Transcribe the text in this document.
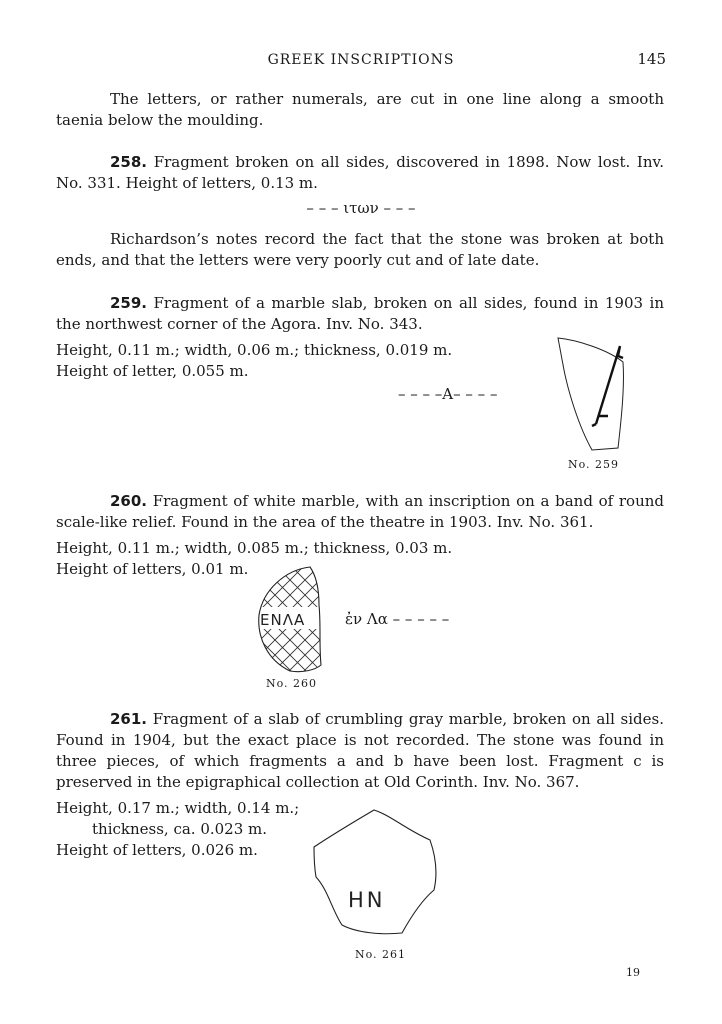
GREEK INSCRIPTIONS	145
The letters, or rather numerals, are cut in one line along a smooth taenia below the moulding.
258. Fragment broken on all sides, discovered in 1898. Now lost. Inv. No. 331. Height of letters, 0.13 m.
– – – ιτων – – –
Richardson’s notes record the fact that the stone was broken at both ends, and that the letters were very poorly cut and of late date.
259. Fragment of a marble slab, broken on all sides, found in 1903 in the northwest corner of the Agora. Inv. No. 343.
Height, 0.11 m.; width, 0.06 m.; thickness, 0.019 m.
Height of letter, 0.055 m.
– – – –A– – – –
No. 259
260. Fragment of white marble, with an inscription on a band of round scale-like relief. Found in the area of the theatre in 1903. Inv. No. 361.
Height, 0.11 m.; width, 0.085 m.; thickness, 0.03 m.
Height of letters, 0.01 m.
ΕΝΛΑ	ἐν Λα – – – – –
No. 260
261. Fragment of a slab of crumbling gray marble, broken on all sides. Found in 1904, but the exact place is not recorded. The stone was found in three pieces, of which fragments a and b have been lost. Fragment c is preserved in the epigraphical collection at Old Corinth. Inv. No. 367.
Height, 0.17 m.; width, 0.14 m.;
thickness, ca. 0.023 m.
Height of letters, 0.026 m.
ΗΝ
No. 261
19
